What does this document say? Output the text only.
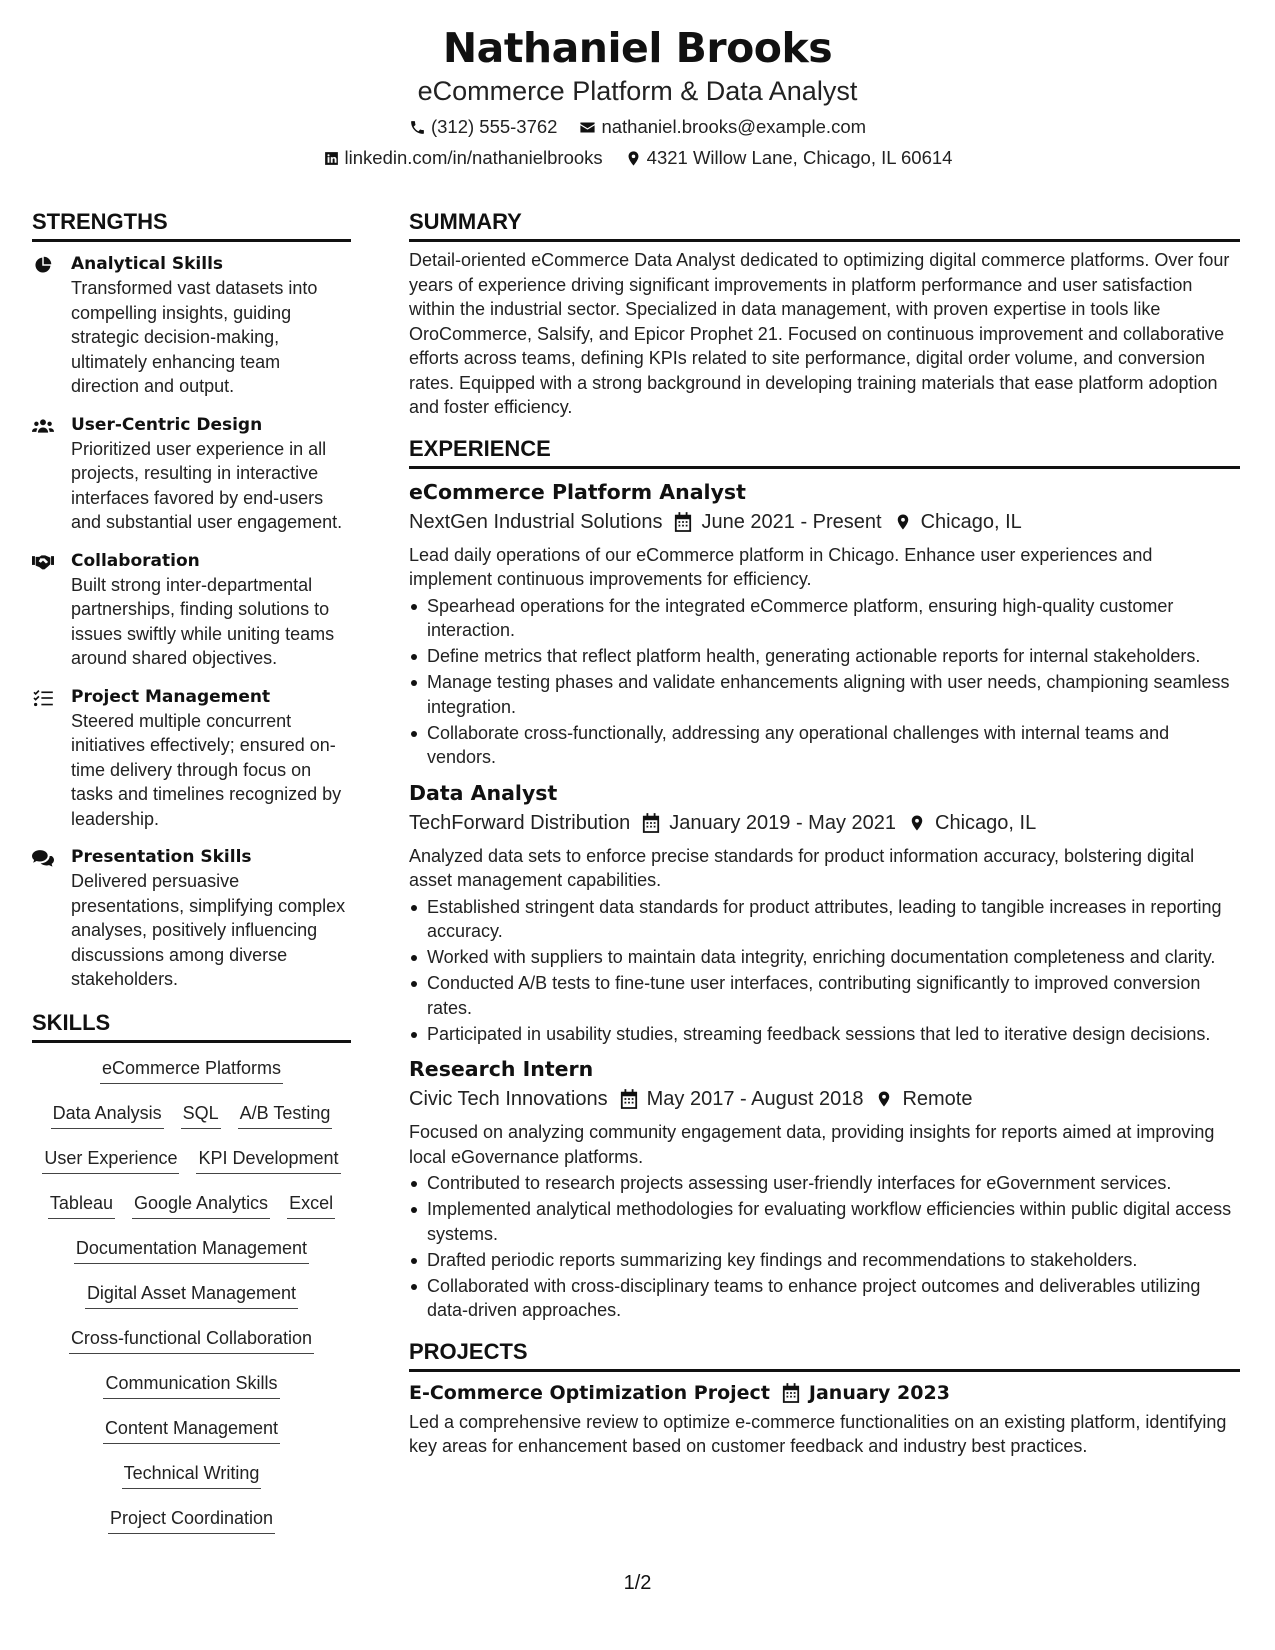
Nathaniel Brooks
eCommerce Platform & Data Analyst
(312) 555-3762 nathaniel.brooks@example.com
linkedin.com/in/nathanielbrooks 4321 Willow Lane, Chicago, IL 60614
STRENGTHS
Analytical Skills
Transformed vast datasets into compelling insights, guiding strategic decision-making, ultimately enhancing team direction and output.
User-Centric Design
Prioritized user experience in all projects, resulting in interactive interfaces favored by end-users and substantial user engagement.
Collaboration
Built strong inter-departmental partnerships, finding solutions to issues swiftly while uniting teams around shared objectives.
Project Management
Steered multiple concurrent initiatives effectively; ensured on-time delivery through focus on tasks and timelines recognized by leadership.
Presentation Skills
Delivered persuasive presentations, simplifying complex analyses, positively influencing discussions among diverse stakeholders.
SKILLS
eCommerce Platforms
Data Analysis SQL A/B Testing
User Experience KPI Development
Tableau Google Analytics Excel
Documentation Management
Digital Asset Management
Cross-functional Collaboration
Communication Skills
Content Management
Technical Writing
Project Coordination
SUMMARY
Detail-oriented eCommerce Data Analyst dedicated to optimizing digital commerce platforms. Over four years of experience driving significant improvements in platform performance and user satisfaction within the industrial sector. Specialized in data management, with proven expertise in tools like OroCommerce, Salsify, and Epicor Prophet 21. Focused on continuous improvement and collaborative efforts across teams, defining KPIs related to site performance, digital order volume, and conversion rates. Equipped with a strong background in developing training materials that ease platform adoption and foster efficiency.
EXPERIENCE
eCommerce Platform Analyst
NextGen Industrial Solutions June 2021 - Present Chicago, IL
Lead daily operations of our eCommerce platform in Chicago. Enhance user experiences and implement continuous improvements for efficiency.
Spearhead operations for the integrated eCommerce platform, ensuring high-quality customer interaction.
Define metrics that reflect platform health, generating actionable reports for internal stakeholders.
Manage testing phases and validate enhancements aligning with user needs, championing seamless integration.
Collaborate cross-functionally, addressing any operational challenges with internal teams and vendors.
Data Analyst
TechForward Distribution January 2019 - May 2021 Chicago, IL
Analyzed data sets to enforce precise standards for product information accuracy, bolstering digital asset management capabilities.
Established stringent data standards for product attributes, leading to tangible increases in reporting accuracy.
Worked with suppliers to maintain data integrity, enriching documentation completeness and clarity.
Conducted A/B tests to fine-tune user interfaces, contributing significantly to improved conversion rates.
Participated in usability studies, streaming feedback sessions that led to iterative design decisions.
Research Intern
Civic Tech Innovations May 2017 - August 2018 Remote
Focused on analyzing community engagement data, providing insights for reports aimed at improving local eGovernance platforms.
Contributed to research projects assessing user-friendly interfaces for eGovernment services.
Implemented analytical methodologies for evaluating workflow efficiencies within public digital access systems.
Drafted periodic reports summarizing key findings and recommendations to stakeholders.
Collaborated with cross-disciplinary teams to enhance project outcomes and deliverables utilizing data-driven approaches.
PROJECTS
E-Commerce Optimization Project January 2023
Led a comprehensive review to optimize e-commerce functionalities on an existing platform, identifying key areas for enhancement based on customer feedback and industry best practices.
1/2
